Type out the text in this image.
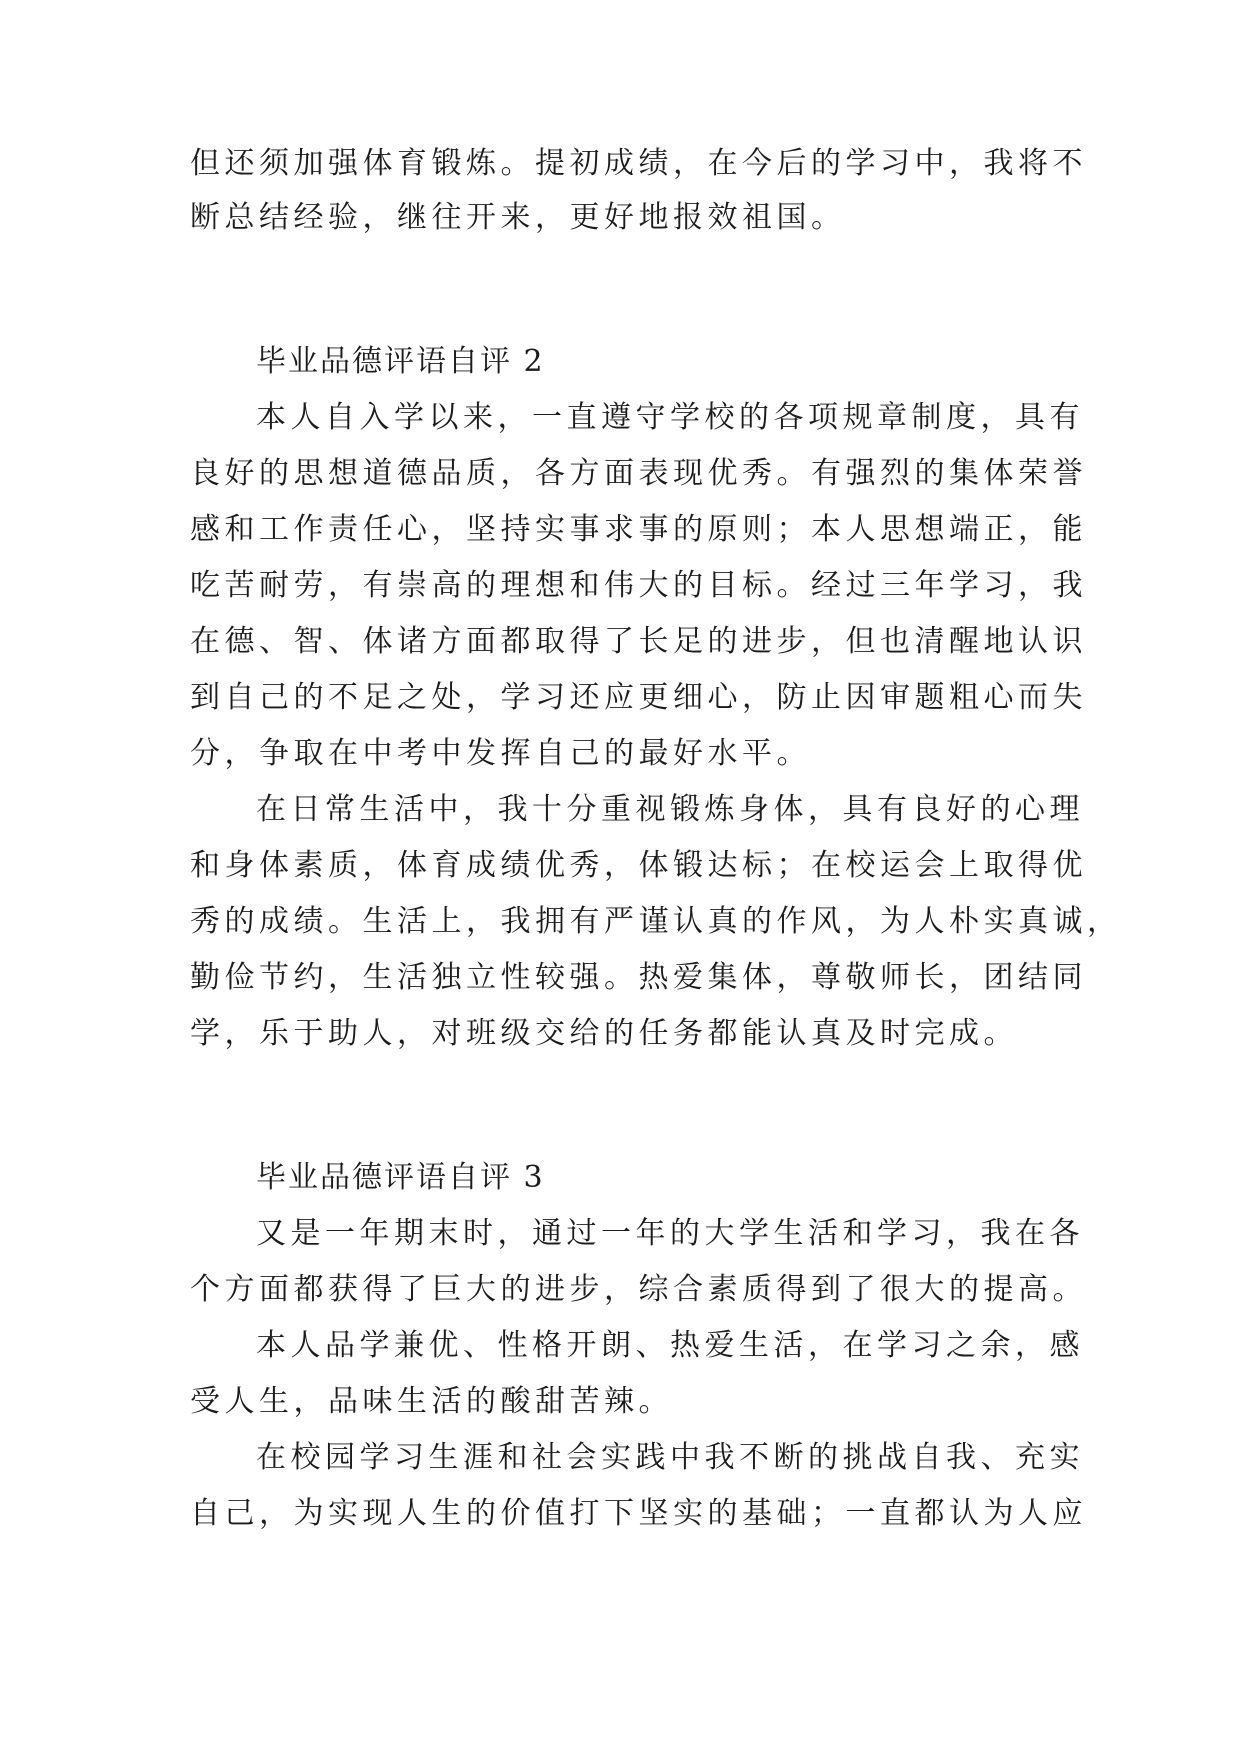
但还须加强体育锻炼。提初成绩，在今后的学习中，我将不
断总结经验，继往开来，更好地报效祖国。
毕业品德评语自评 2
本人自入学以来，一直遵守学校的各项规章制度，具有
良好的思想道德品质，各方面表现优秀。有强烈的集体荣誉
感和工作责任心，坚持实事求事的原则；本人思想端正，能
吃苦耐劳，有崇高的理想和伟大的目标。经过三年学习，我
在德、智、体诸方面都取得了长足的进步，但也清醒地认识
到自己的不足之处，学习还应更细心，防止因审题粗心而失
分，争取在中考中发挥自己的最好水平。
在日常生活中，我十分重视锻炼身体，具有良好的心理
和身体素质，体育成绩优秀，体锻达标；在校运会上取得优
秀的成绩。生活上，我拥有严谨认真的作风，为人朴实真诚，
勤俭节约，生活独立性较强。热爱集体，尊敬师长，团结同
学，乐于助人，对班级交给的任务都能认真及时完成。
毕业品德评语自评 3
又是一年期末时，通过一年的大学生活和学习，我在各
个方面都获得了巨大的进步，综合素质得到了很大的提高。
本人品学兼优、性格开朗、热爱生活，在学习之余，感
受人生，品味生活的酸甜苦辣。
在校园学习生涯和社会实践中我不断的挑战自我、充实
自己，为实现人生的价值打下坚实的基础；一直都认为人应
